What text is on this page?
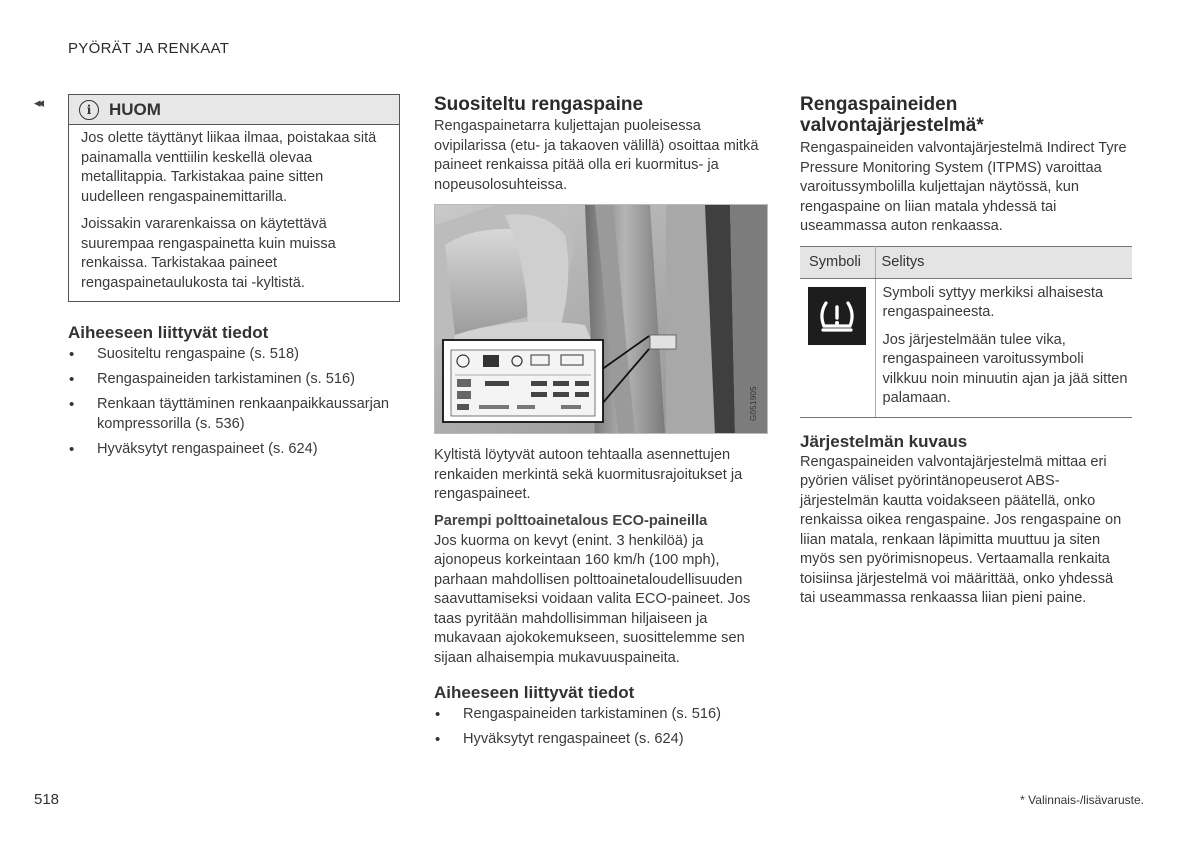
PYÖRÄT JA RENKAAT
◂◂	i	HUOM

Jos olette täyttänyt liikaa ilmaa, poistakaa sitä painamalla venttiilin keskellä olevaa metallitappia. Tarkistakaa paine sitten uudelleen rengaspainemittarilla.

Joissakin vararenkaissa on käytettävä suurempaa rengaspainetta kuin muissa renkaissa. Tarkistakaa paineet rengaspainetaulukosta tai -kyltistä.

Aiheeseen liittyvät tiedot
• Suositeltu rengaspaine (s. 518)
• Rengaspaineiden tarkistaminen (s. 516)
• Renkaan täyttäminen renkaanpaikkaussarjan kompressorilla (s. 536)
• Hyväksytyt rengaspaineet (s. 624)
Suositeltu rengaspaine

Rengaspainetarra kuljettajan puoleisessa ovipilarissa (etu- ja takaoven välillä) osoittaa mitkä paineet renkaissa pitää olla eri kuormitus- ja nopeusolosuhteissa.

G051905

Kyltistä löytyvät autoon tehtaalla asennettujen renkaiden merkintä sekä kuormitusrajoitukset ja rengaspaineet.

Parempi polttoainetalous ECO-paineilla

Jos kuorma on kevyt (enint. 3 henkilöä) ja ajonopeus korkeintaan 160 km/h (100 mph), parhaan mahdollisen polttoainetaloudellisuuden saavuttamiseksi voidaan valita ECO-paineet. Jos taas pyritään mahdollisimman hiljaiseen ja mukavaan ajokokemukseen, suosittelemme sen sijaan alhaisempia mukavuuspaineita.

Aiheeseen liittyvät tiedot
• Rengaspaineiden tarkistaminen (s. 516)
• Hyväksytyt rengaspaineet (s. 624)
Rengaspaineiden valvontajärjestelmä*

Rengaspaineiden valvontajärjestelmä Indirect Tyre Pressure Monitoring System (ITPMS) varoittaa varoitussymbolilla kuljettajan näytössä, kun rengaspaine on liian matala yhdessä tai useammassa auton renkaassa.

Symboli	Selitys

Symboli syttyy merkiksi alhaisesta rengaspaineesta.

Jos järjestelmään tulee vika, rengaspaineen varoitussymboli vilkkuu noin minuutin ajan ja jää sitten palamaan.

Järjestelmän kuvaus

Rengaspaineiden valvontajärjestelmä mittaa eri pyörien väliset pyörintänopeuserot ABS-järjestelmän kautta voidakseen päätellä, onko renkaissa oikea rengaspaine. Jos rengaspaine on liian matala, renkaan läpimitta muuttuu ja siten myös sen pyörimisnopeus. Vertaamalla renkaita toisiinsa järjestelmä voi määrittää, onko yhdessä tai useammassa renkaassa liian pieni paine.

518	* Valinnais-/lisävaruste.
